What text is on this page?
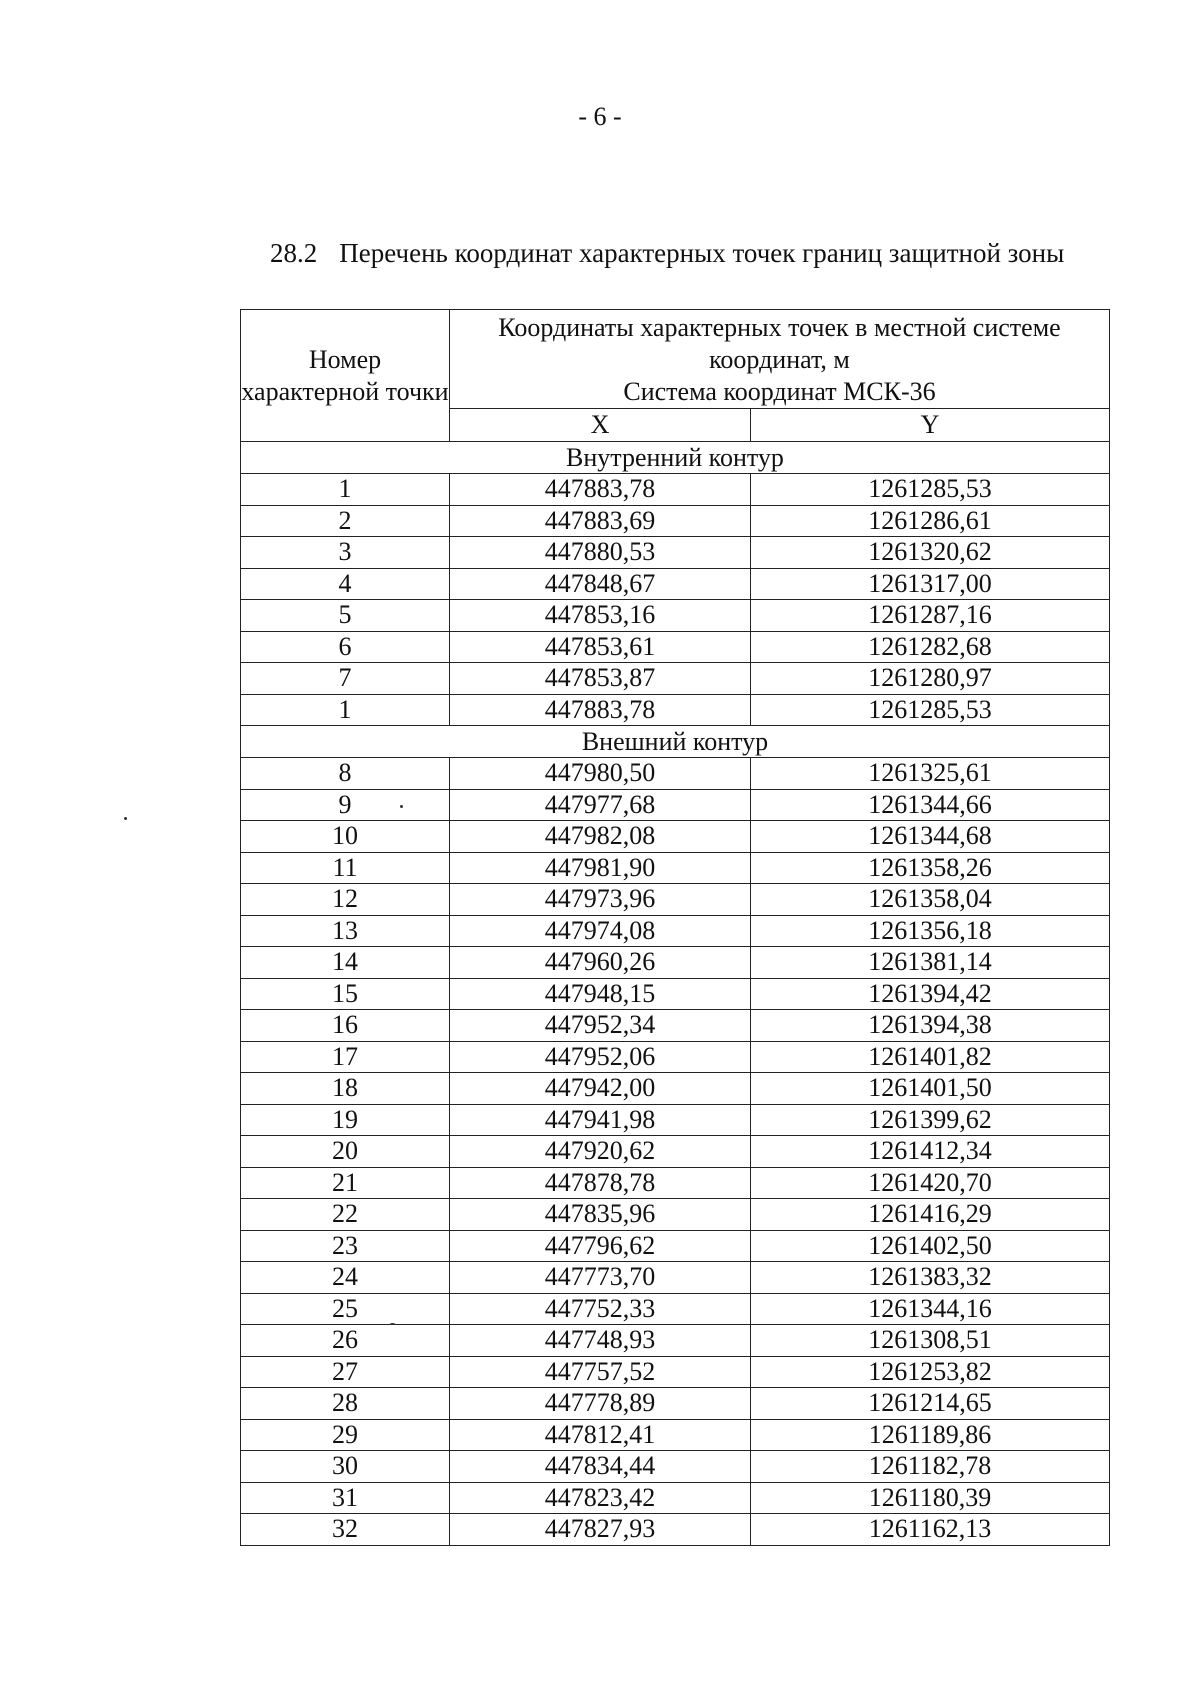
- 6 -
28.2 Перечень координат характерных точек границ защитной зоны
Номер характерной точки	Координаты характерных точек в местной системе координат, м
Система координат МСК-36	

	X	Y
Внутренний контур		
1	447883,78	1261285,53
2	447883,69	1261286,61
3	447880,53	1261320,62
4	447848,67	1261317,00
5	447853,16	1261287,16
6	447853,61	1261282,68
7	447853,87	1261280,97
1	447883,78	1261285,53
Внешний контур		
8	447980,50	1261325,61
9	447977,68	1261344,66
10	447982,08	1261344,68
11	447981,90	1261358,26
12	447973,96	1261358,04
13	447974,08	1261356,18
14	447960,26	1261381,14
15	447948,15	1261394,42
16	447952,34	1261394,38
17	447952,06	1261401,82
18	447942,00	1261401,50
19	447941,98	1261399,62
20	447920,62	1261412,34
21	447878,78	1261420,70
22	447835,96	1261416,29
23	447796,62	1261402,50
24	447773,70	1261383,32
25	447752,33	1261344,16
26	447748,93	1261308,51
27	447757,52	1261253,82
28	447778,89	1261214,65
29	447812,41	1261189,86
30	447834,44	1261182,78
31	447823,42	1261180,39
32	447827,93	1261162,13
